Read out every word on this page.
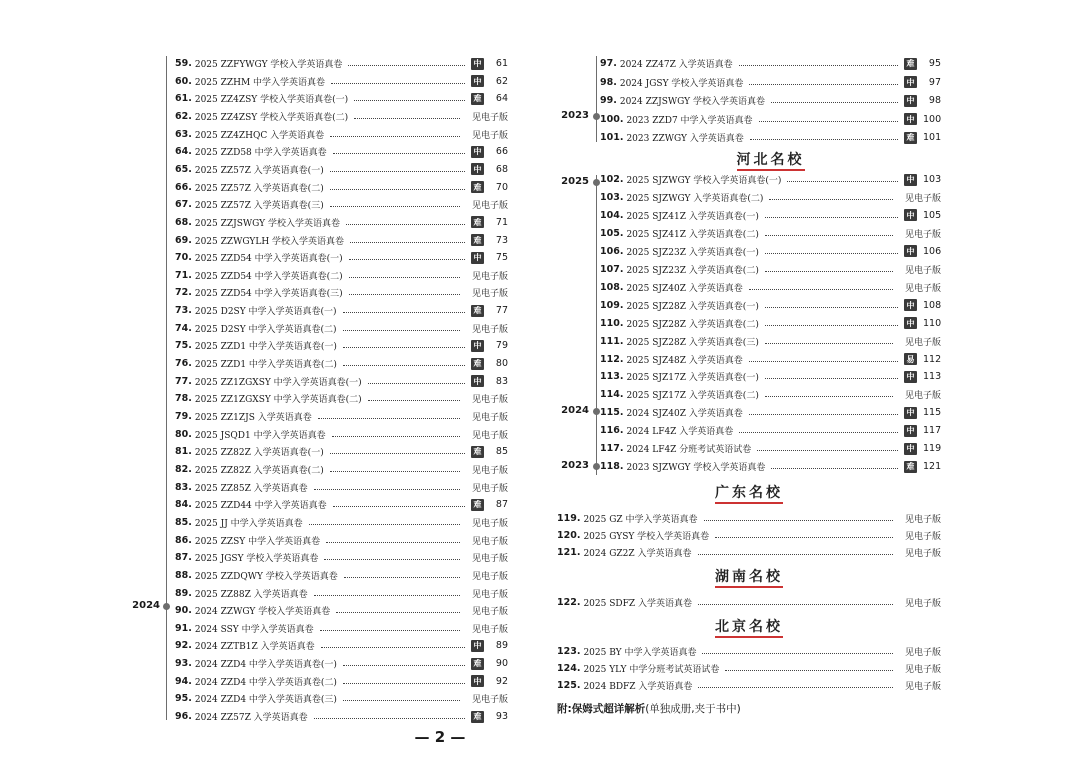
2024
59. 2025 ZZFYWGY 学校入学英语真卷	中	61
60. 2025 ZZHM 中学入学英语真卷	中	62
61. 2025 ZZ4ZSY 学校入学英语真卷(一)	难	64
62. 2025 ZZ4ZSY 学校入学英语真卷(二)	见电子版
63. 2025 ZZ4ZHQC 入学英语真卷	见电子版
64. 2025 ZZD58 中学入学英语真卷	中	66
65. 2025 ZZ57Z 入学英语真卷(一)	中	68
66. 2025 ZZ57Z 入学英语真卷(二)	难	70
67. 2025 ZZ57Z 入学英语真卷(三)	见电子版
68. 2025 ZZJSWGY 学校入学英语真卷	难	71
69. 2025 ZZWGYLH 学校入学英语真卷	难	73
70. 2025 ZZD54 中学入学英语真卷(一)	中	75
71. 2025 ZZD54 中学入学英语真卷(二)	见电子版
72. 2025 ZZD54 中学入学英语真卷(三)	见电子版
73. 2025 D2SY 中学入学英语真卷(一)	难	77
74. 2025 D2SY 中学入学英语真卷(二)	见电子版
75. 2025 ZZD1 中学入学英语真卷(一)	中	79
76. 2025 ZZD1 中学入学英语真卷(二)	难	80
77. 2025 ZZ1ZGXSY 中学入学英语真卷(一)	中	83
78. 2025 ZZ1ZGXSY 中学入学英语真卷(二)	见电子版
79. 2025 ZZ1ZJS 入学英语真卷	见电子版
80. 2025 JSQD1 中学入学英语真卷	见电子版
81. 2025 ZZ82Z 入学英语真卷(一)	难	85
82. 2025 ZZ82Z 入学英语真卷(二)	见电子版
83. 2025 ZZ85Z 入学英语真卷	见电子版
84. 2025 ZZD44 中学入学英语真卷	难	87
85. 2025 JJ 中学入学英语真卷	见电子版
86. 2025 ZZSY 中学入学英语真卷	见电子版
87. 2025 JGSY 学校入学英语真卷	见电子版
88. 2025 ZZDQWY 学校入学英语真卷	见电子版
89. 2025 ZZ88Z 入学英语真卷	见电子版
90. 2024 ZZWGY 学校入学英语真卷	见电子版
91. 2024 SSY 中学入学英语真卷	见电子版
92. 2024 ZZTB1Z 入学英语真卷	中	89
93. 2024 ZZD4 中学入学英语真卷(一)	难	90
94. 2024 ZZD4 中学入学英语真卷(二)	中	92
95. 2024 ZZD4 中学入学英语真卷(三)	见电子版
96. 2024 ZZ57Z 入学英语真卷	难	93
2023
2025
2024
2023
97. 2024 ZZ47Z 入学英语真卷	难	95
98. 2024 JGSY 学校入学英语真卷	中	97
99. 2024 ZZJSWGY 学校入学英语真卷	中	98
100. 2023 ZZD7 中学入学英语真卷	中 100
101. 2023 ZZWGY 入学英语真卷	难 101
河北名校
102. 2025 SJZWGY 学校入学英语真卷(一)	中 103
103. 2025 SJZWGY 入学英语真卷(二)	见电子版
104. 2025 SJZ41Z 入学英语真卷(一)	中 105
105. 2025 SJZ41Z 入学英语真卷(二)	见电子版
106. 2025 SJZ23Z 入学英语真卷(一)	中 106
107. 2025 SJZ23Z 入学英语真卷(二)	见电子版
108. 2025 SJZ40Z 入学英语真卷	见电子版
109. 2025 SJZ28Z 入学英语真卷(一)	中 108
110. 2025 SJZ28Z 入学英语真卷(二)	中 110
111. 2025 SJZ28Z 入学英语真卷(三)	见电子版
112. 2025 SJZ48Z 入学英语真卷	易 112
113. 2025 SJZ17Z 入学英语真卷(一)	中 113
114. 2025 SJZ17Z 入学英语真卷(二)	见电子版
115. 2024 SJZ40Z 入学英语真卷	中 115
116. 2024 LF4Z 入学英语真卷	中 117
117. 2024 LF4Z 分班考试英语试卷	中 119
118. 2023 SJZWGY 学校入学英语真卷	难 121
广东名校
119. 2025 GZ 中学入学英语真卷	见电子版
120. 2025 GYSY 学校入学英语真卷	见电子版
121. 2024 GZ2Z 入学英语真卷	见电子版
湖南名校
122. 2025 SDFZ 入学英语真卷	见电子版
北京名校
123. 2025 BY 中学入学英语真卷	见电子版
124. 2025 YLY 中学分班考试英语试卷	见电子版
125. 2024 BDFZ 入学英语真卷	见电子版
附:保姆式超详解析(单独成册,夹于书中)
— 2 —
